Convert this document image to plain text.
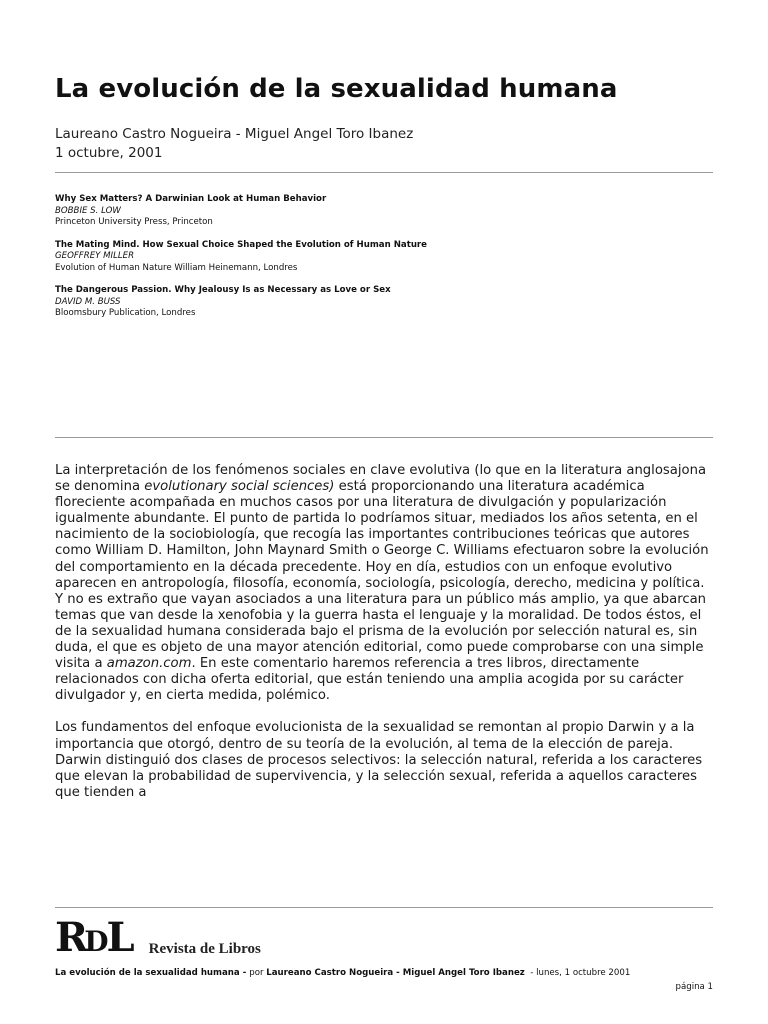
La evolución de la sexualidad humana
Laureano Castro Nogueira - Miguel Angel Toro Ibanez
1 octubre, 2001
Why Sex Matters? A Darwinian Look at Human Behavior
BOBBIE S. LOW
Princeton University Press, Princeton
The Mating Mind. How Sexual Choice Shaped the Evolution of Human Nature
GEOFFREY MILLER
Evolution of Human Nature William Heinemann, Londres
The Dangerous Passion. Why Jealousy Is as Necessary as Love or Sex
DAVID M. BUSS
Bloomsbury Publication, Londres

La interpretación de los fenómenos sociales en clave evolutiva (lo que en la literatura anglosajona se denomina evolutionary social sciences) está proporcionando una literatura académica floreciente acompañada en muchos casos por una literatura de divulgación y popularización igualmente abundante. El punto de partida lo podríamos situar, mediados los años setenta, en el nacimiento de la sociobiología, que recogía las importantes contribuciones teóricas que autores como William D. Hamilton, John Maynard Smith o George C. Williams efectuaron sobre la evolución del comportamiento en la década precedente. Hoy en día, estudios con un enfoque evolutivo aparecen en antropología, filosofía, economía, sociología, psicología, derecho, medicina y política. Y no es extraño que vayan asociados a una literatura para un público más amplio, ya que abarcan temas que van desde la xenofobia y la guerra hasta el lenguaje y la moralidad. De todos éstos, el de la sexualidad humana considerada bajo el prisma de la evolución por selección natural es, sin duda, el que es objeto de una mayor atención editorial, como puede comprobarse con una simple visita a amazon.com. En este comentario haremos referencia a tres libros, directamente relacionados con dicha oferta editorial, que están teniendo una amplia acogida por su carácter divulgador y, en cierta medida, polémico.

Los fundamentos del enfoque evolucionista de la sexualidad se remontan al propio Darwin y a la importancia que otorgó, dentro de su teoría de la evolución, al tema de la elección de pareja. Darwin distinguió dos clases de procesos selectivos: la selección natural, referida a los caracteres que elevan la probabilidad de supervivencia, y la selección sexual, referida a aquellos caracteres que tienden a

RDL Revista de Libros
La evolución de la sexualidad humana - por Laureano Castro Nogueira - Miguel Angel Toro Ibanez  - lunes, 1 octubre 2001
página 1
